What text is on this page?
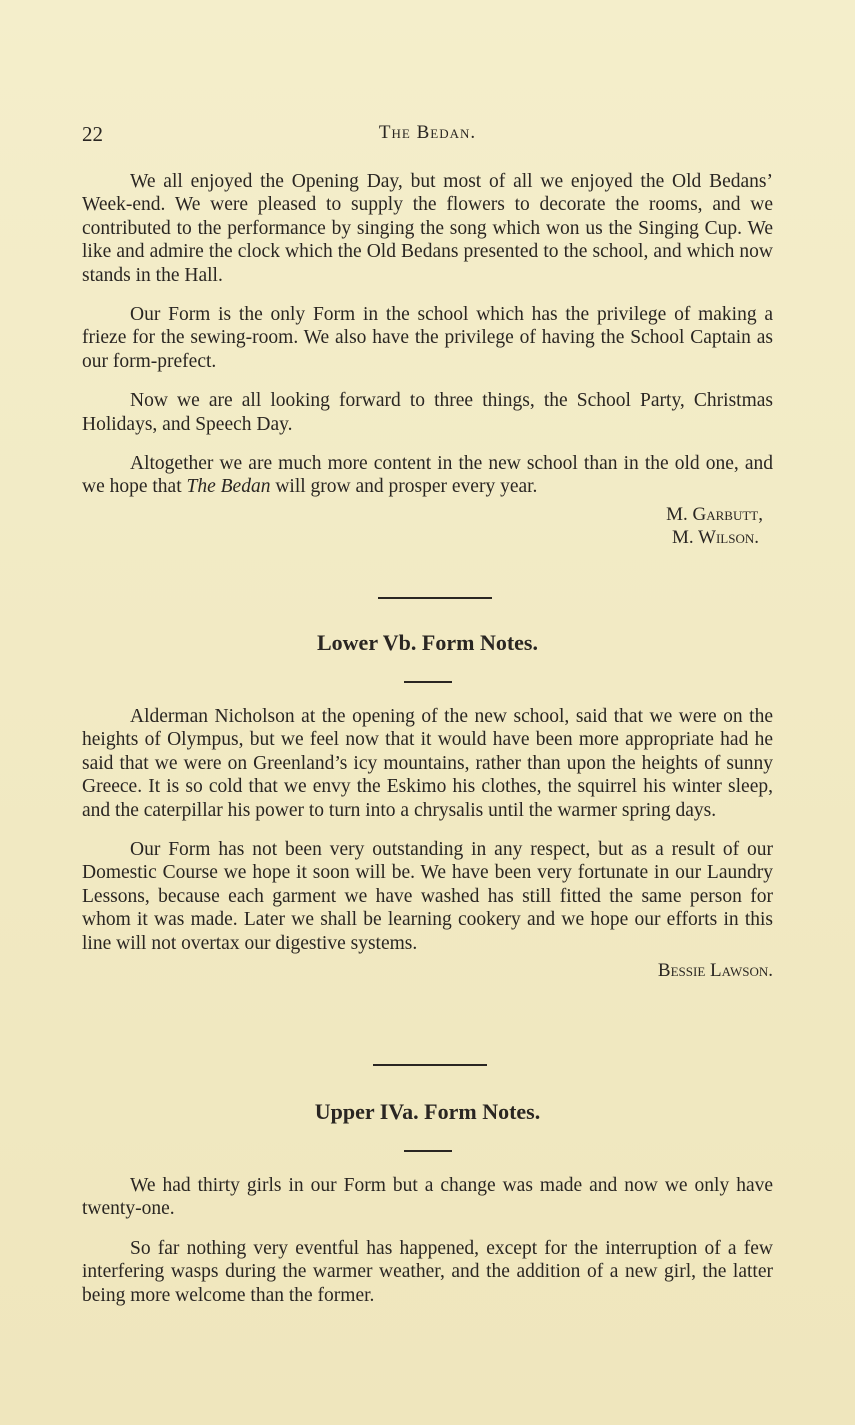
22	The Bedan.

We all enjoyed the Opening Day, but most of all we enjoyed the Old Bedans’ Week-end. We were pleased to supply the flowers to decorate the rooms, and we contributed to the performance by singing the song which won us the Singing Cup. We like and admire the clock which the Old Bedans presented to the school, and which now stands in the Hall.

Our Form is the only Form in the school which has the privilege of making a frieze for the sewing-room. We also have the privilege of having the School Captain as our form-prefect.

Now we are all looking forward to three things, the School Party, Christmas Holidays, and Speech Day.

Altogether we are much more content in the new school than in the old one, and we hope that The Bedan will grow and prosper every year.

M. Garbutt,
M. Wilson.
Lower Vb. Form Notes.

Alderman Nicholson at the opening of the new school, said that we were on the heights of Olympus, but we feel now that it would have been more appropriate had he said that we were on Greenland’s icy mountains, rather than upon the heights of sunny Greece. It is so cold that we envy the Eskimo his clothes, the squirrel his winter sleep, and the caterpillar his power to turn into a chrysalis until the warmer spring days.

Our Form has not been very outstanding in any respect, but as a result of our Domestic Course we hope it soon will be. We have been very fortunate in our Laundry Lessons, because each garment we have washed has still fitted the same person for whom it was made. Later we shall be learning cookery and we hope our efforts in this line will not overtax our digestive systems.

Bessie Lawson.
Upper IVa. Form Notes.

We had thirty girls in our Form but a change was made and now we only have twenty-one.

So far nothing very eventful has happened, except for the interruption of a few interfering wasps during the warmer weather, and the addition of a new girl, the latter being more welcome than the former.
